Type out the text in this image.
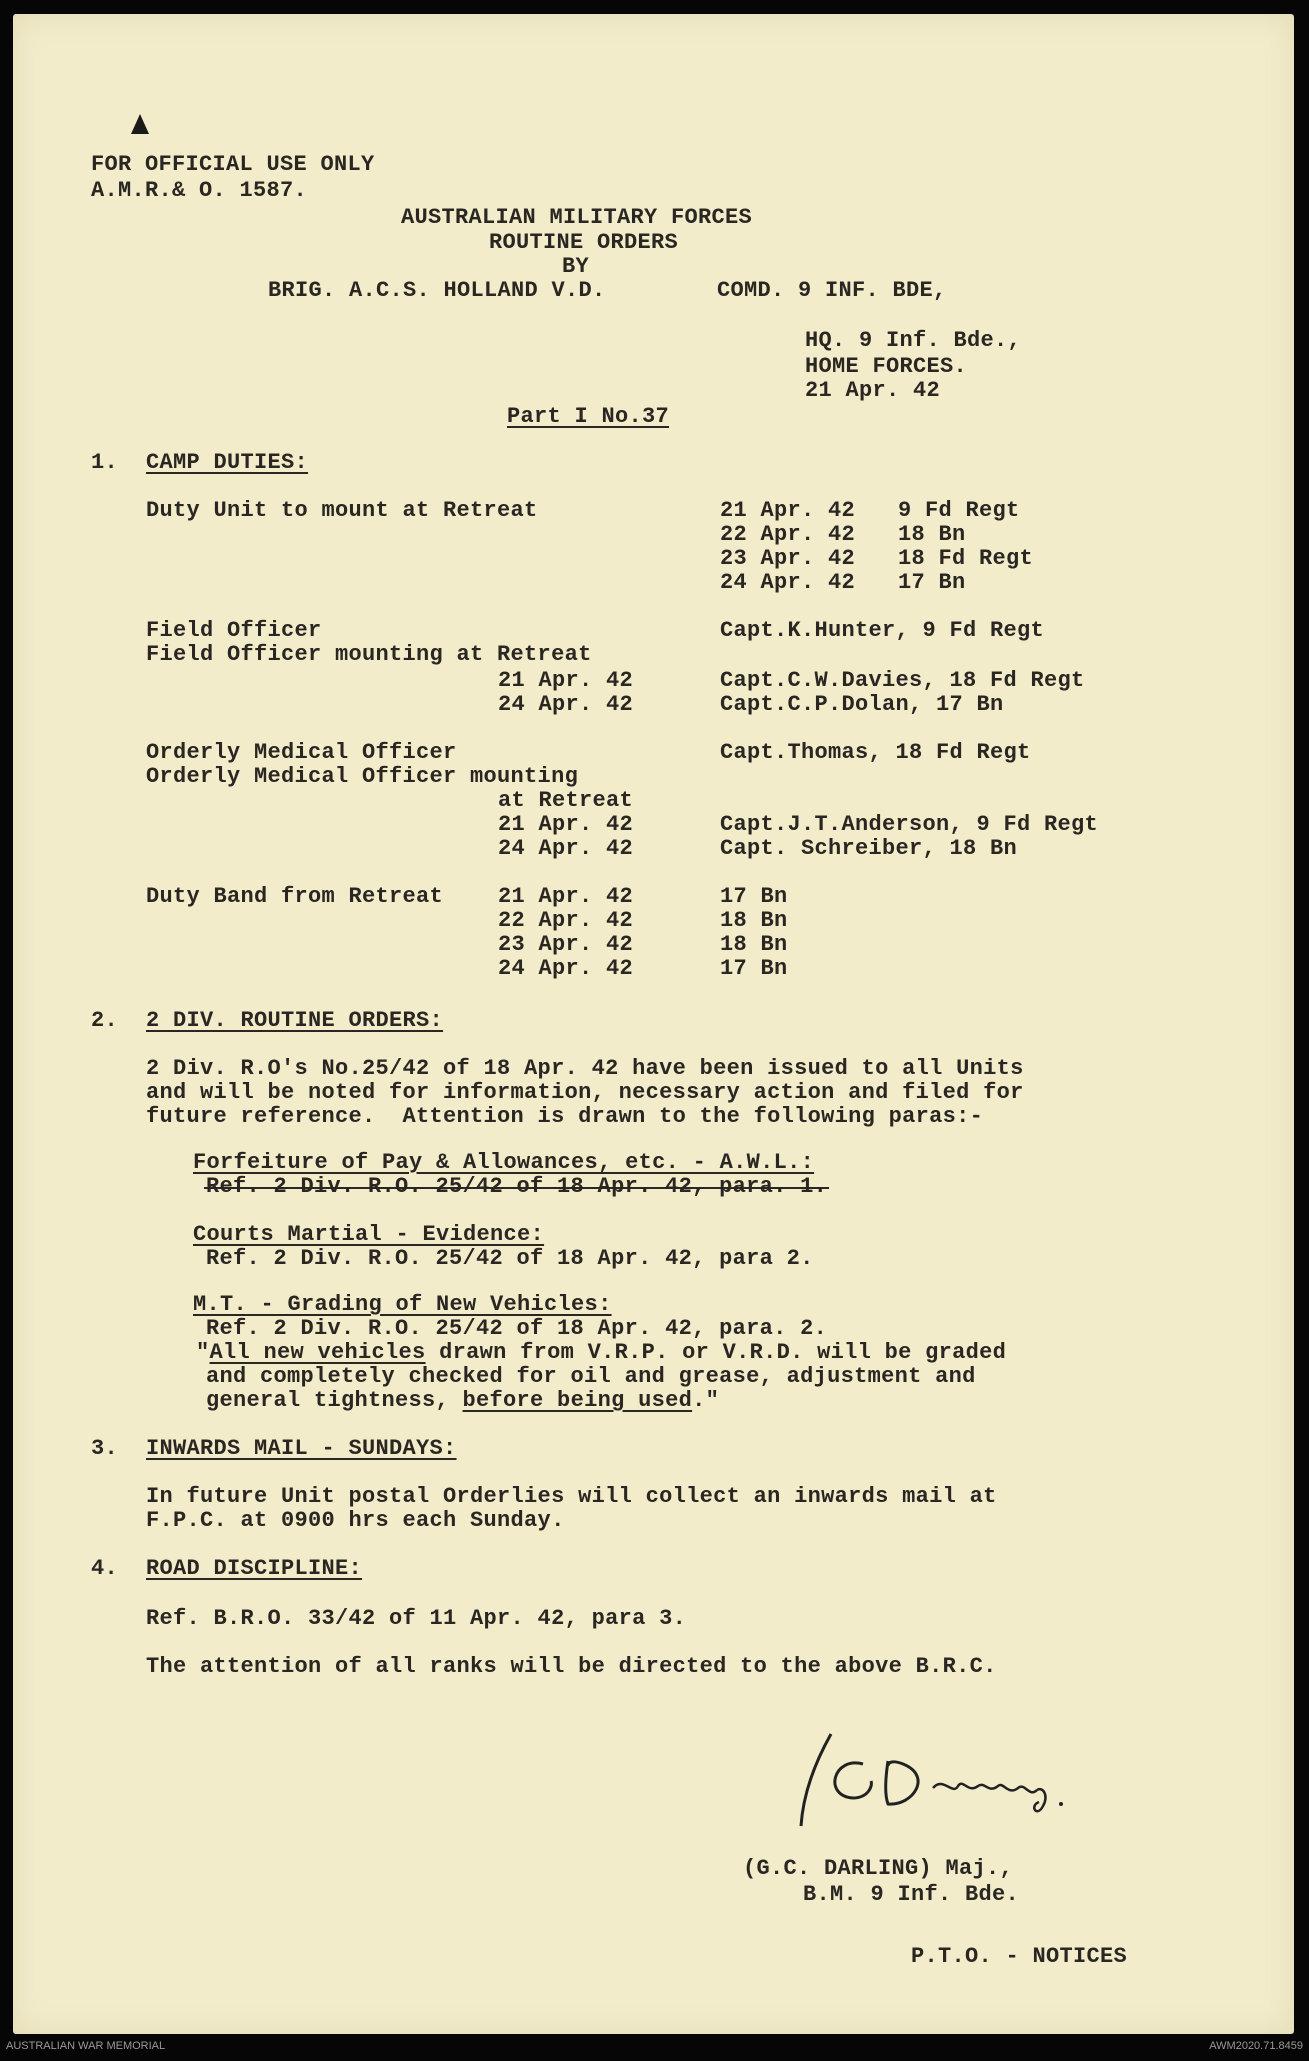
FOR OFFICIAL USE ONLY
A.M.R.& O. 1587.
AUSTRALIAN MILITARY FORCES
ROUTINE ORDERS
BY
BRIG. A.C.S. HOLLAND V.D.	COMD. 9 INF. BDE,
HQ. 9 Inf. Bde.,
HOME FORCES.
21 Apr. 42
Part I No.37
1. CAMP DUTIES:
Duty Unit to mount at Retreat	21 Apr. 42 9 Fd Regt
22 Apr. 42 18 Bn
23 Apr. 42 18 Fd Regt
24 Apr. 42 17 Bn
Field Officer	Capt.K.Hunter, 9 Fd Regt
Field Officer mounting at Retreat
21 Apr. 42	Capt.C.W.Davies, 18 Fd Regt
24 Apr. 42	Capt.C.P.Dolan, 17 Bn
Orderly Medical Officer	Capt.Thomas, 18 Fd Regt
Orderly Medical Officer mounting
at Retreat
21 Apr. 42	Capt.J.T.Anderson, 9 Fd Regt
24 Apr. 42	Capt. Schreiber, 18 Bn
Duty Band from Retreat 21 Apr. 42	17 Bn
22 Apr. 42	18 Bn
23 Apr. 42	18 Bn
24 Apr. 42	17 Bn
2. 2 DIV. ROUTINE ORDERS:
2 Div. R.O's No.25/42 of 18 Apr. 42 have been issued to all Units
and will be noted for information, necessary action and filed for
future reference.  Attention is drawn to the following paras:-
Forfeiture of Pay & Allowances, etc. - A.W.L.:
Ref. 2 Div. R.O. 25/42 of 18 Apr. 42, para. 1.
Courts Martial - Evidence:
Ref. 2 Div. R.O. 25/42 of 18 Apr. 42, para 2.
M.T. - Grading of New Vehicles:
Ref. 2 Div. R.O. 25/42 of 18 Apr. 42, para. 2.
"All new vehicles drawn from V.R.P. or V.R.D. will be graded
and completely checked for oil and grease, adjustment and
general tightness, before being used."
3. INWARDS MAIL - SUNDAYS:
In future Unit postal Orderlies will collect an inwards mail at
F.P.C. at 0900 hrs each Sunday.
4. ROAD DISCIPLINE:
Ref. B.R.O. 33/42 of 11 Apr. 42, para 3.
The attention of all ranks will be directed to the above B.R.C.
(G.C. DARLING) Maj.,
B.M. 9 Inf. Bde.
P.T.O. - NOTICES
AUSTRALIAN WAR MEMORIAL	AWM2020.71.8459
